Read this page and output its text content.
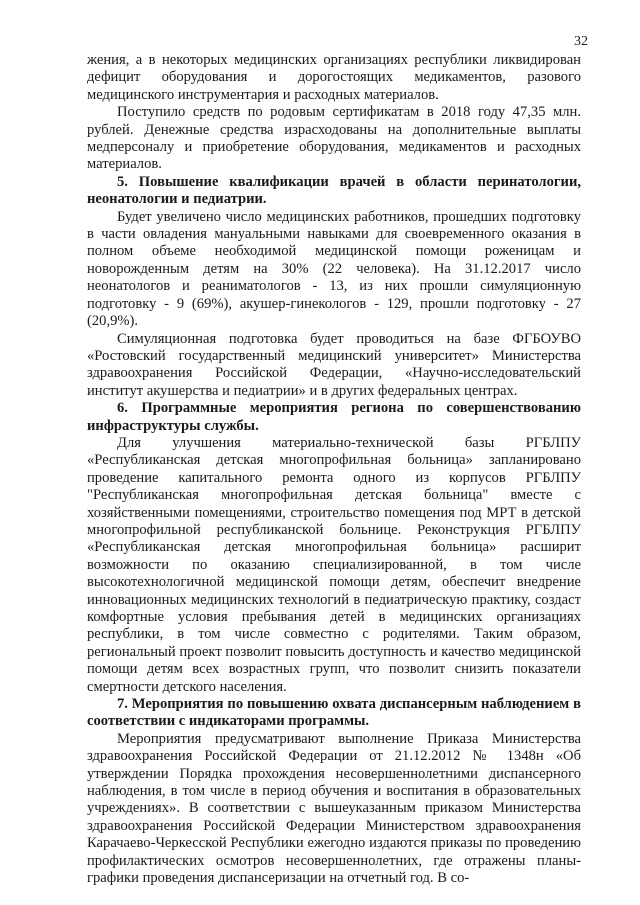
32

жения, а в некоторых медицинских организациях республики ликвидирован дефицит оборудования и дорогостоящих медикаментов, разового медицинского инструментария и расходных материалов.

Поступило средств по родовым сертификатам в 2018 году 47,35 млн. рублей. Денежные средства израсходованы на дополнительные выплаты медперсоналу и приобретение оборудования, медикаментов и расходных материалов.

5. Повышение квалификации врачей в области перинатологии, неонатологии и педиатрии.

Будет увеличено число медицинских работников, прошедших подготовку в части овладения мануальными навыками для своевременного оказания в полном объеме необходимой медицинской помощи роженицам и новорожденным детям на 30% (22 человека). На 31.12.2017 число неонатологов и реаниматологов - 13, из них прошли симуляционную подготовку - 9 (69%), акушер-гинекологов - 129, прошли подготовку - 27 (20,9%).

Симуляционная подготовка будет проводиться на базе ФГБОУВО «Ростовский государственный медицинский университет» Министерства здравоохранения Российской Федерации, «Научно-исследовательский институт акушерства и педиатрии» и в других федеральных центрах.

6. Программные мероприятия региона по совершенствованию инфраструктуры службы.

Для улучшения материально-технической базы РГБЛПУ «Республиканская детская многопрофильная больница» запланировано проведение капитального ремонта одного из корпусов РГБЛПУ "Республиканская многопрофильная детская больница" вместе с хозяйственными помещениями, строительство помещения под МРТ в детской многопрофильной республиканской больнице. Реконструкция РГБЛПУ «Республиканская детская многопрофильная больница» расширит возможности по оказанию специализированной, в том числе высокотехнологичной медицинской помощи детям, обеспечит внедрение инновационных медицинских технологий в педиатрическую практику, создаст комфортные условия пребывания детей в медицинских организациях республики, в том числе совместно с родителями. Таким образом, региональный проект позволит повысить доступность и качество медицинской помощи детям всех возрастных групп, что позволит снизить показатели смертности детского населения.

7. Мероприятия по повышению охвата диспансерным наблюдением в соответствии с индикаторами программы.

Мероприятия предусматривают выполнение Приказа Министерства здравоохранения Российской Федерации от 21.12.2012 № 1348н «Об утверждении Порядка прохождения несовершеннолетними диспансерного наблюдения, в том числе в период обучения и воспитания в образовательных учреждениях». В соответствии с вышеуказанным приказом Министерства здравоохранения Российской Федерации Министерством здравоохранения Карачаево-Черкесской Республики ежегодно издаются приказы по проведению профилактических осмотров несовершеннолетних, где отражены планы-графики проведения диспансеризации на отчетный год. В со-
